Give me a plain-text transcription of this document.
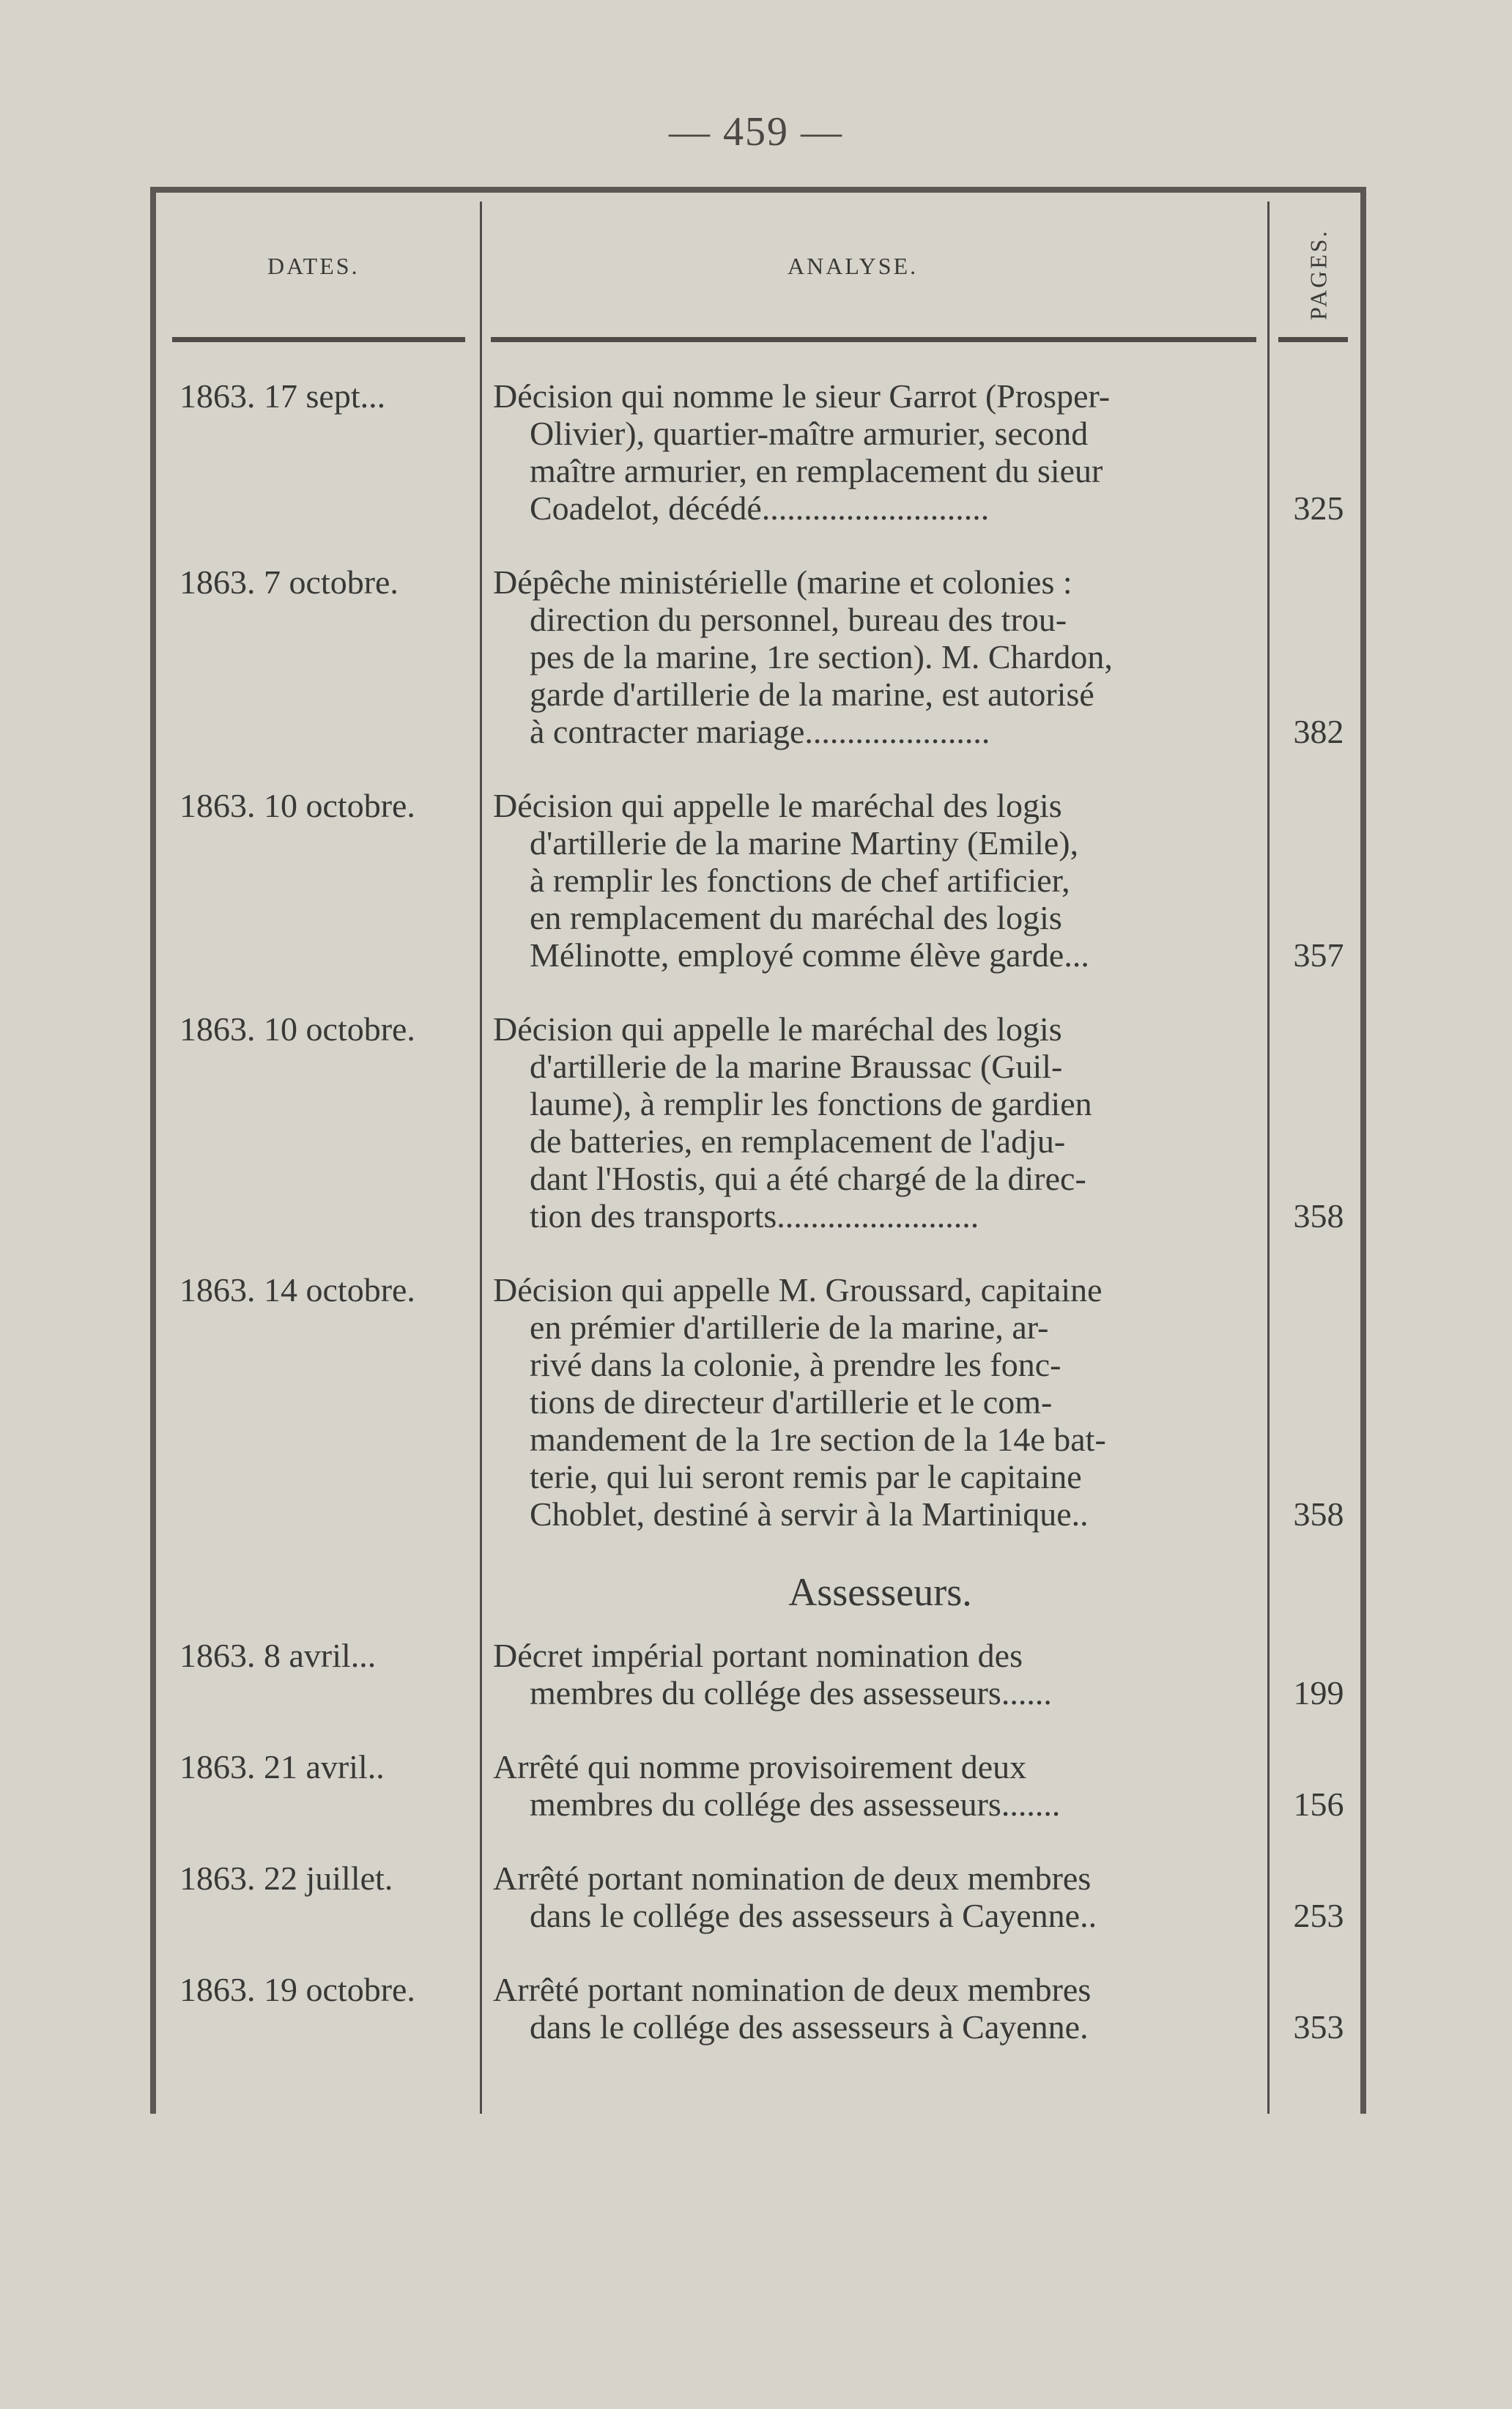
— 459 —
DATES.	ANALYSE.	PAGES.
1863. 17 sept...	Décision qui nomme le sieur Garrot (Prosper-
Olivier), quartier-maître armurier, second
maître armurier, en remplacement du sieur
Coadelot, décédé...........................	325
1863. 7 octobre.	Dépêche ministérielle (marine et colonies :
direction du personnel, bureau des trou-
pes de la marine, 1re section). M. Chardon,
garde d'artillerie de la marine, est autorisé
à contracter mariage......................	382
1863. 10 octobre.	Décision qui appelle le maréchal des logis
d'artillerie de la marine Martiny (Emile),
à remplir les fonctions de chef artificier,
en remplacement du maréchal des logis
Mélinotte, employé comme élève garde...	357
1863. 10 octobre.	Décision qui appelle le maréchal des logis
d'artillerie de la marine Braussac (Guil-
laume), à remplir les fonctions de gardien
de batteries, en remplacement de l'adju-
dant l'Hostis, qui a été chargé de la direc-
tion des transports........................	358
1863. 14 octobre.	Décision qui appelle M. Groussard, capitaine
en prémier d'artillerie de la marine, ar-
rivé dans la colonie, à prendre les fonc-
tions de directeur d'artillerie et le com-
mandement de la 1re section de la 14e bat-
terie, qui lui seront remis par le capitaine
Choblet, destiné à servir à la Martinique..	358
Assesseurs.
1863. 8 avril...	Décret impérial portant nomination des
membres du collége des assesseurs......	199
1863. 21 avril..	Arrêté qui nomme provisoirement deux
membres du collége des assesseurs.......	156
1863. 22 juillet.	Arrêté portant nomination de deux membres
dans le collége des assesseurs à Cayenne..	253
1863. 19 octobre.	Arrêté portant nomination de deux membres
dans le collége des assesseurs à Cayenne.	353
